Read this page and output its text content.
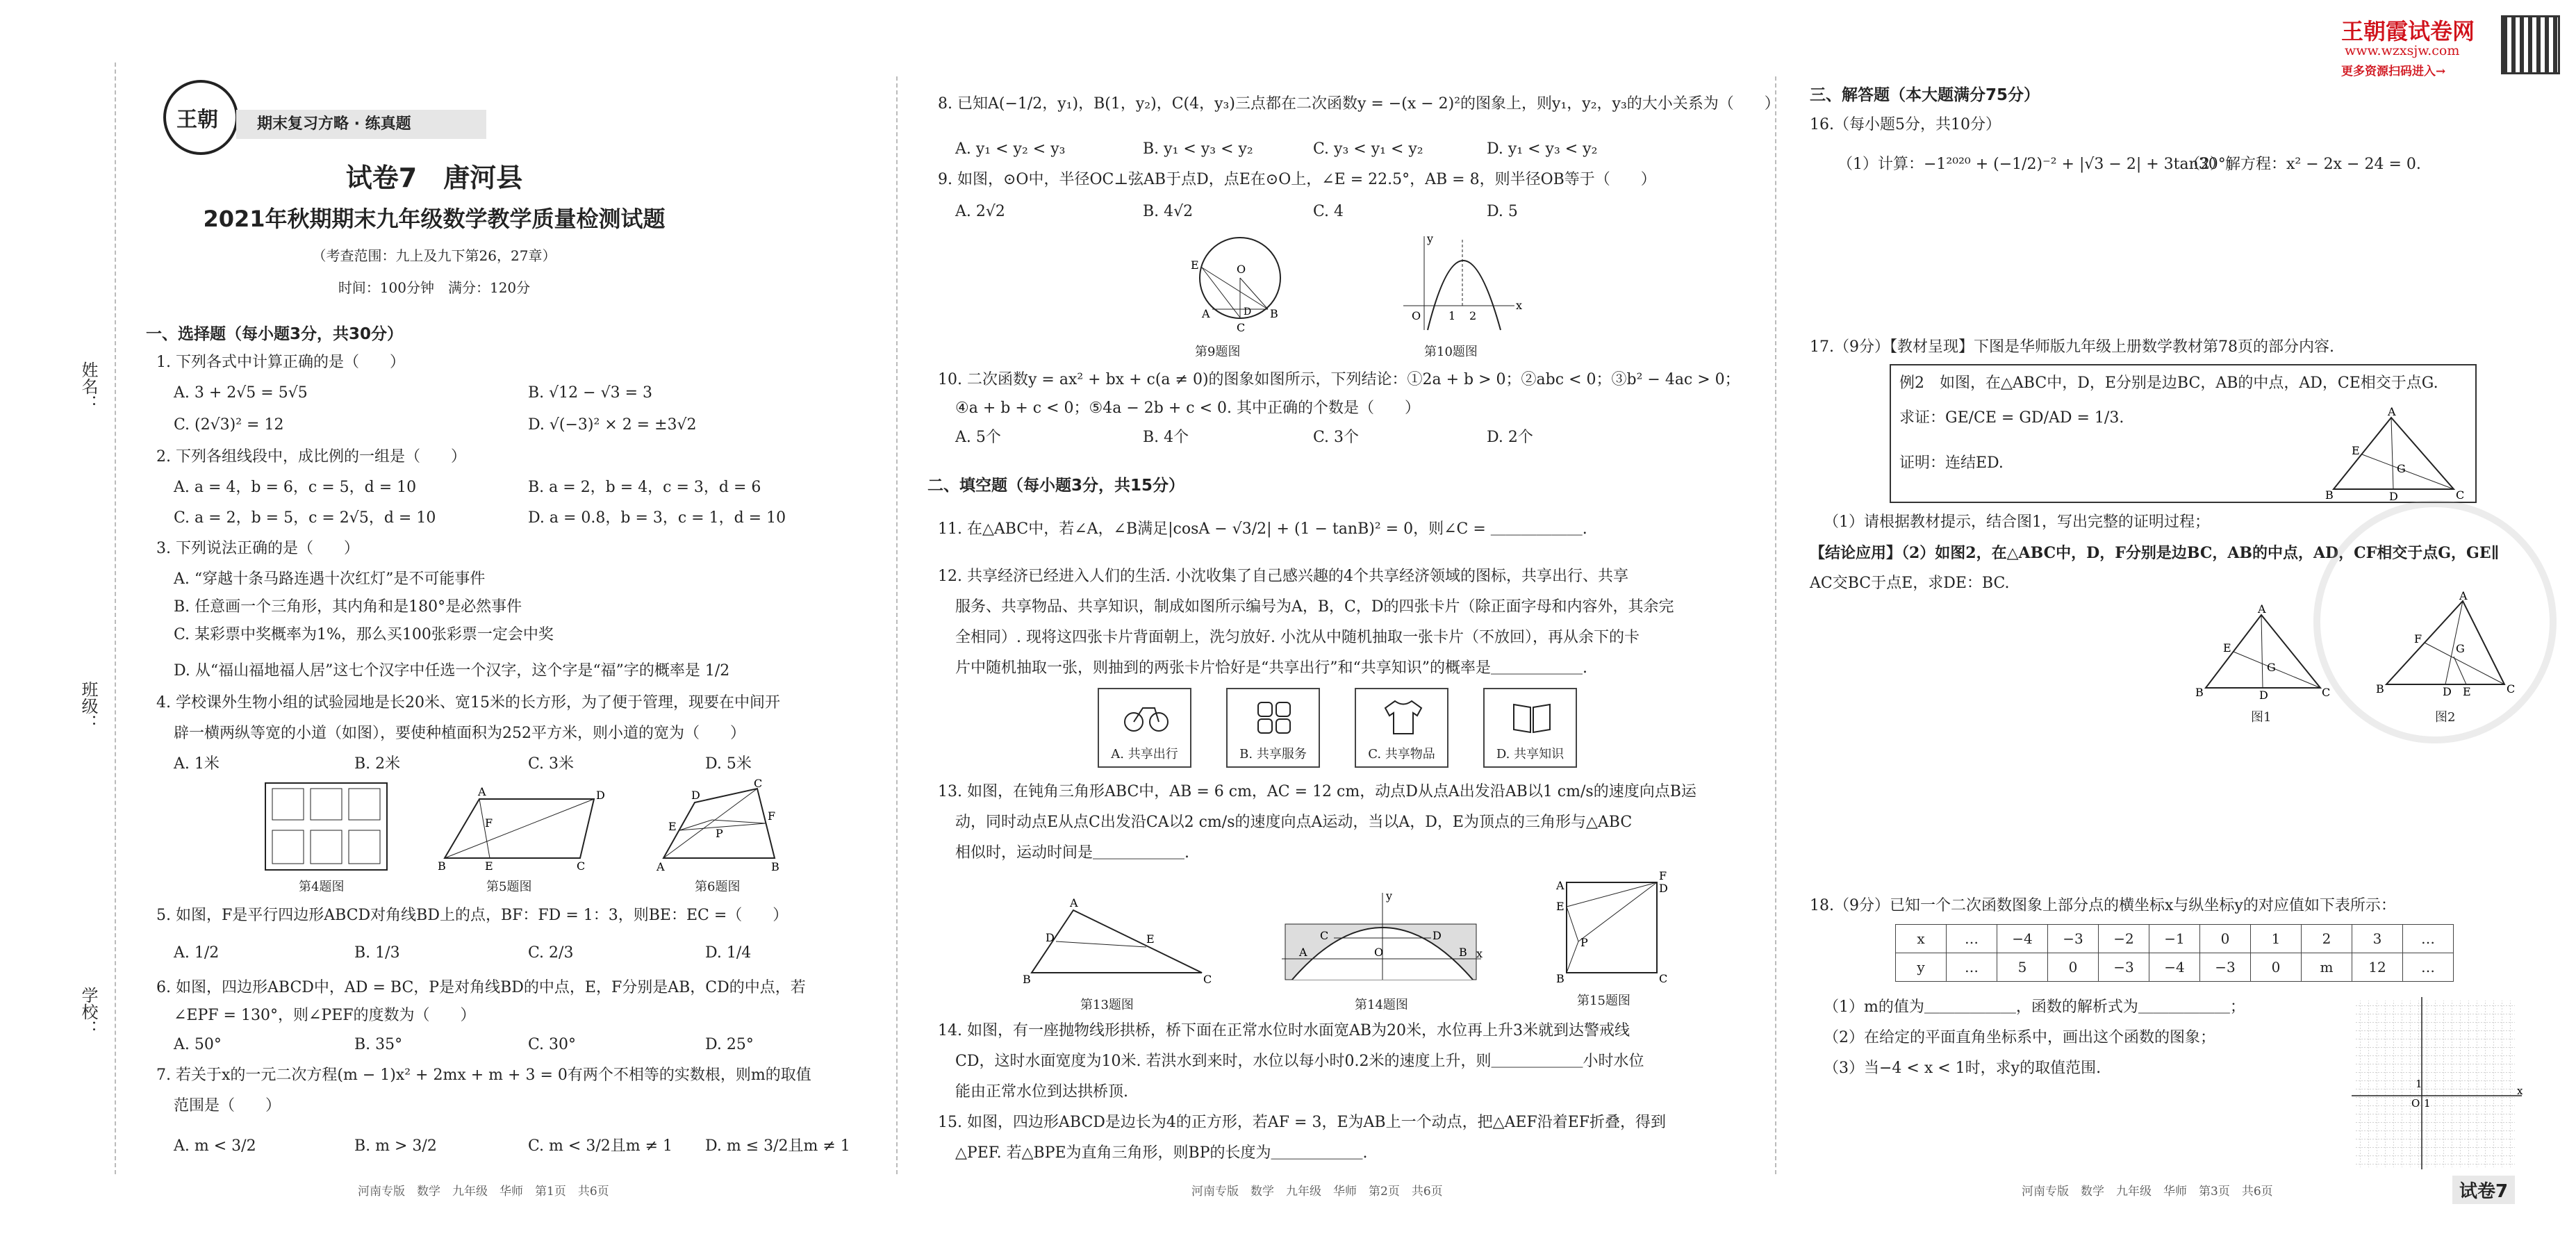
姓名：
班级：
学校：
王朝	期末复习方略 · 练真题
试卷7　 唐河县
2021年秋期期末九年级数学教学质量检测试题
（考查范围：九上及九下第26，27章）
时间：100分钟　满分：120分
王朝霞试卷网
www.wzxsjw.com
更多资源扫码进入→
一、选择题（每小题3分，共30分）
1. 下列各式中计算正确的是（　　）
A. 3 + 2√5 = 5√5	B. √12 − √3 = 3
C. (2√3)² = 12	D. √(−3)² × 2 = ±3√2
2. 下列各组线段中，成比例的一组是（　　）
A. a = 4，b = 6，c = 5，d = 10	B. a = 2，b = 4，c = 3，d = 6
C. a = 2，b = 5，c = 2√5，d = 10	D. a = 0.8，b = 3，c = 1，d = 10
3. 下列说法正确的是（　　）
A. “穿越十条马路连遇十次红灯”是不可能事件
B. 任意画一个三角形，其内角和是180°是必然事件
C. 某彩票中奖概率为1%，那么买100张彩票一定会中奖
D. 从“福山福地福人居”这七个汉字中任选一个汉字，这个字是“福”字的概率是 1/2
4. 学校课外生物小组的试验园地是长20米、宽15米的长方形，为了便于管理，现要在中间开
辟一横两纵等宽的小道（如图），要使种植面积为252平方米，则小道的宽为（　　）
A. 1米	B. 2米	C. 3米	D. 5米
A	D
B	E	C
F
D
C
A	B
P
E
F
第4题图	第5题图	第6题图
5. 如图，F是平行四边形ABCD对角线BD上的点，BF：FD = 1：3，则BE：EC =（　　）
A. 1/2	B. 1/3	C. 2/3	D. 1/4
6. 如图，四边形ABCD中，AD = BC，P是对角线BD的中点，E，F分别是AB，CD的中点，若
∠EPF = 130°，则∠PEF的度数为（　　）
A. 50°	B. 35°	C. 30°	D. 25°
7. 若关于x的一元二次方程(m − 1)x² + 2mx + m + 3 = 0有两个不相等的实数根，则m的取值
范围是（　　）
A. m < 3/2	B. m > 3/2	C. m < 3/2且m ≠ 1 D. m ≤ 3/2且m ≠ 1
河南专版　数学　九年级　华师　第1页　共6页
8. 已知A(−1/2，y₁)，B(1，y₂)，C(4，y₃)三点都在二次函数y = −(x − 2)²的图象上，则y₁，y₂，y₃的大小关系为（　　）
A. y₁ < y₂ < y₃	B. y₁ < y₃ < y₂	C. y₃ < y₁ < y₂	D. y₁ < y₃ < y₂
9. 如图，⊙O中，半径OC⊥弦AB于点D，点E在⊙O上，∠E = 22.5°，AB = 8，则半径OB等于（　　）
A. 2√2	B. 4√2	C. 4	D. 5
O
E
A	B
C
D	O 1 2
x
y
第9题图	第10题图
10. 二次函数y = ax² + bx + c(a ≠ 0)的图象如图所示，下列结论：①2a + b > 0；②abc < 0；③b² − 4ac > 0；
④a + b + c < 0；⑤4a − 2b + c < 0. 其中正确的个数是（　　）
A. 5个	B. 4个	C. 3个	D. 2个
二、填空题（每小题3分，共15分）
11. 在△ABC中，若∠A，∠B满足|cosA − √3/2| + (1 − tanB)² = 0，则∠C = ＿＿＿＿＿＿.
12. 共享经济已经进入人们的生活. 小沈收集了自己感兴趣的4个共享经济领域的图标，共享出行、共享
服务、共享物品、共享知识，制成如图所示编号为A，B，C，D的四张卡片（除正面字母和内容外，其余完
全相同）. 现将这四张卡片背面朝上，洗匀放好. 小沈从中随机抽取一张卡片（不放回），再从余下的卡
片中随机抽取一张，则抽到的两张卡片恰好是“共享出行”和“共享知识”的概率是＿＿＿＿＿＿.
A. 共享出行	B. 共享服务	C. 共享物品	D. 共享知识
13. 如图，在钝角三角形ABC中，AB = 6 cm，AC = 12 cm，动点D从点A出发沿AB以1 cm/s的速度向点B运
动，同时动点E从点C出发沿CA以2 cm/s的速度向点A运动，当以A，D，E为顶点的三角形与△ABC
相似时，运动时间是＿＿＿＿＿＿.
A
B	C
D	E
y
x
C	D
A	B
O
A
E
P
B
F
D
C
第13题图	第14题图	第15题图
14. 如图，有一座抛物线形拱桥，桥下面在正常水位时水面宽AB为20米，水位再上升3米就到达警戒线
CD，这时水面宽度为10米. 若洪水到来时，水位以每小时0.2米的速度上升，则＿＿＿＿＿＿小时水位
能由正常水位到达拱桥顶.
15. 如图，四边形ABCD是边长为4的正方形，若AF = 3，E为AB上一个动点，把△AEF沿着EF折叠，得到
△PEF. 若△BPE为直角三角形，则BP的长度为＿＿＿＿＿＿.
河南专版　数学　九年级　华师　第2页　共6页
三、解答题（本大题满分75分）
16.（每小题5分，共10分）
（1）计算：−1²⁰²⁰ + (−1/2)⁻² + |√3 − 2| + 3tan30°；
（2）解方程：x² − 2x − 24 = 0.
17.（9分）【教材呈现】下图是华师版九年级上册数学教材第78页的部分内容.
例2　如图，在△ABC中，D，E分别是边BC，AB的中点，AD，CE相交于点G.
求证：GE/CE = GD/AD = 1/3.
证明：连结ED.
A
B	C
D
E
G
（1）请根据教材提示，结合图1，写出完整的证明过程；
【结论应用】（2）如图2，在△ABC中，D，F分别是边BC，AB的中点，AD，CF相交于点G，GE∥
AC交BC于点E，求DE：BC.
A
B	C
D
E
G
A
B	C
D E
F
G
图1	图2
18.（9分）已知一个二次函数图象上部分点的横坐标x与纵坐标y的对应值如下表所示：
x	…	−4	−3	−2	−1	0	1	2	3	…
y	…	5	0	−3	−4	−3	0	m	12	…
（1）m的值为＿＿＿＿＿＿，函数的解析式为＿＿＿＿＿＿；
（2）在给定的平面直角坐标系中，画出这个函数的图象；
（3）当−4 < x < 1时，求y的取值范围.
O 1
1
x
河南专版　数学　九年级　华师　第3页　共6页	试卷7
